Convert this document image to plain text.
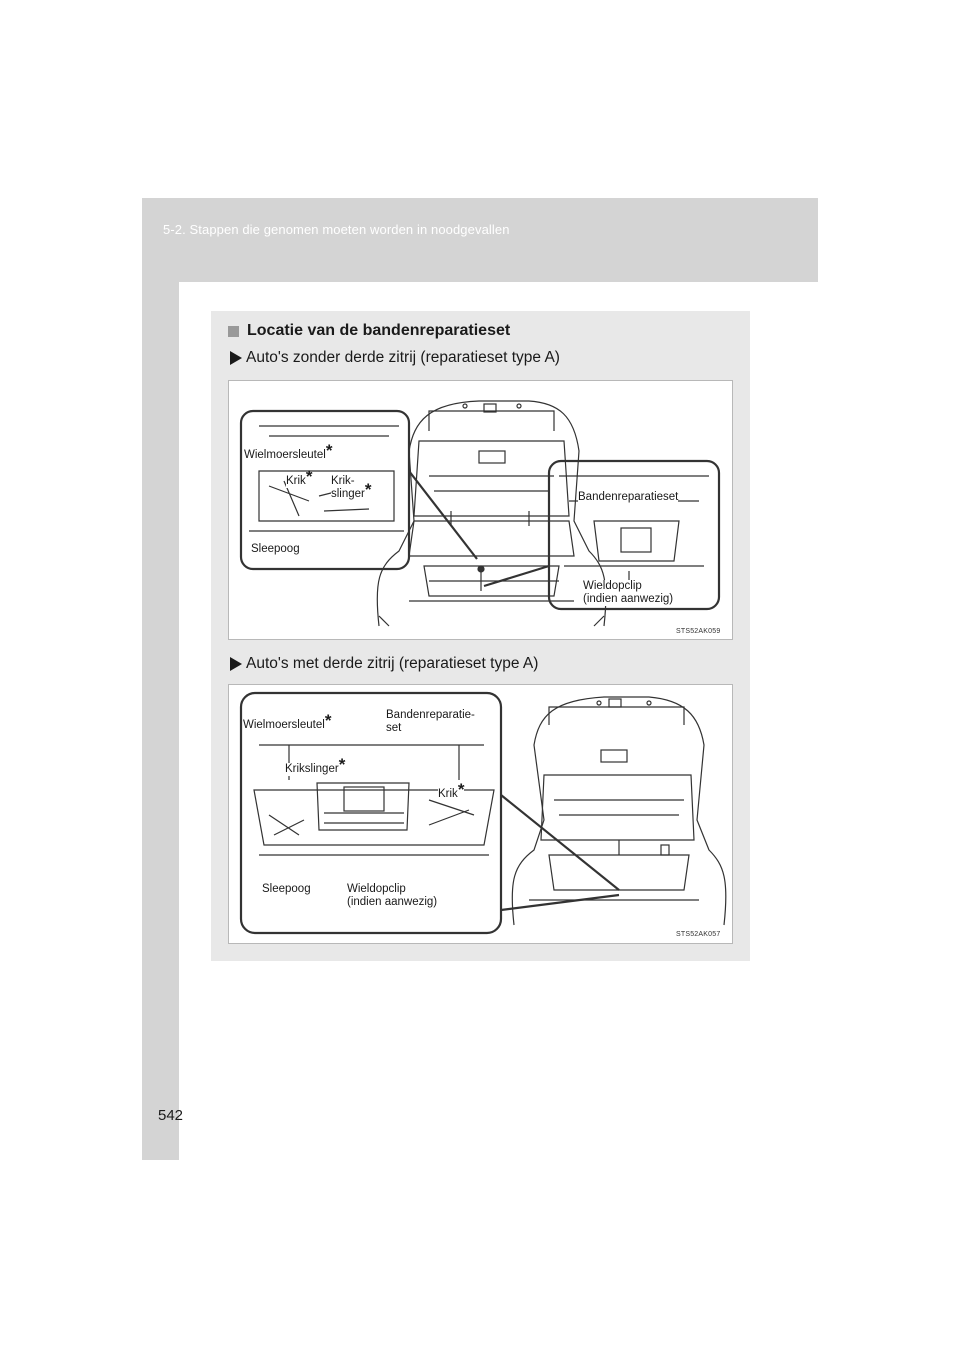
5-2. Stappen die genomen moeten worden in noodgevallen
Locatie van de bandenreparatieset
Auto's zonder derde zitrij (reparatieset type A)
Wielmoersleutel*
Krik* Krik-
slinger*
Sleepoog
Bandenreparatieset
Wieldopclip
(indien aanwezig)
STS52AK059
Auto's met derde zitrij (reparatieset type A)
Wielmoersleutel*	Bandenreparatie-
set
Krikslinger*
Krik*
Sleepoog	Wieldopclip
(indien aanwezig)
STS52AK057
542
